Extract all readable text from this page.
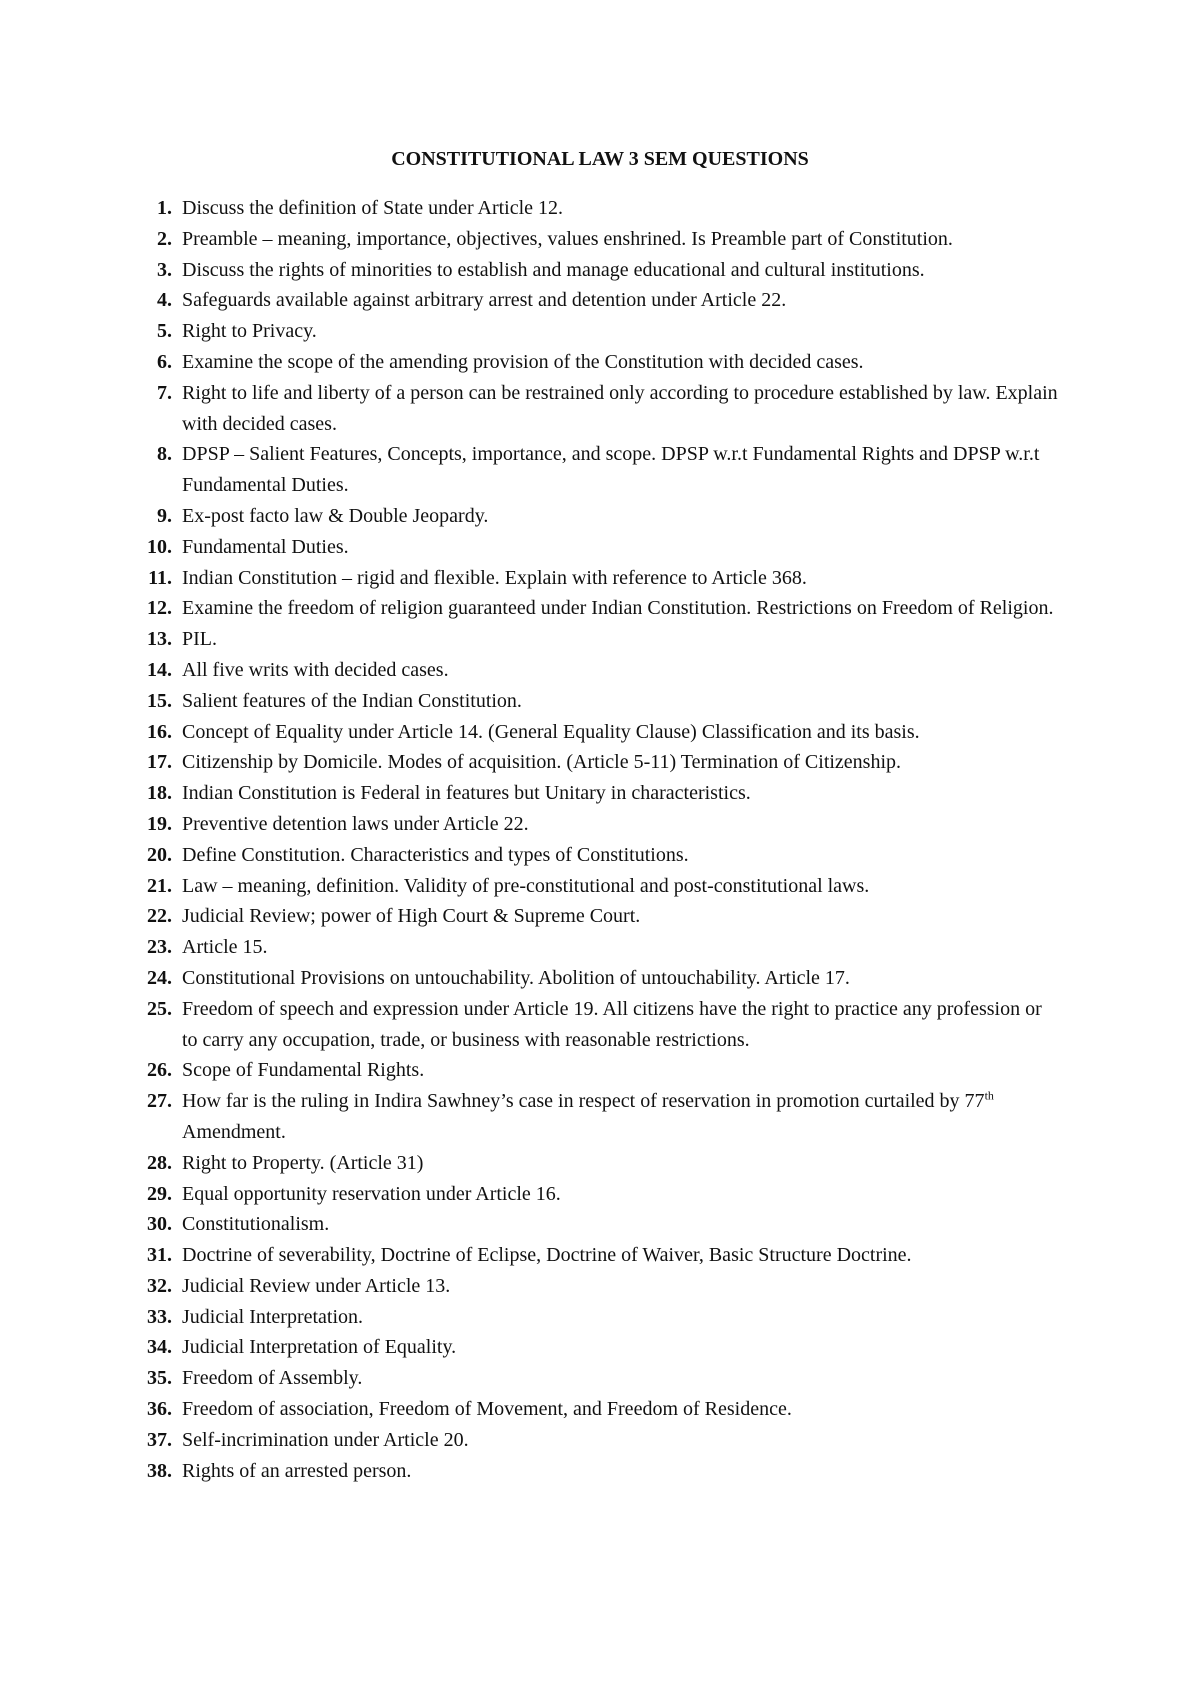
CONSTITUTIONAL LAW 3 SEM QUESTIONS
1. Discuss the definition of State under Article 12.
2. Preamble – meaning, importance, objectives, values enshrined. Is Preamble part of Constitution.
3. Discuss the rights of minorities to establish and manage educational and cultural institutions.
4. Safeguards available against arbitrary arrest and detention under Article 22.
5. Right to Privacy.
6. Examine the scope of the amending provision of the Constitution with decided cases.
7. Right to life and liberty of a person can be restrained only according to procedure established by law. Explain with decided cases.
8. DPSP – Salient Features, Concepts, importance, and scope. DPSP w.r.t Fundamental Rights and DPSP w.r.t Fundamental Duties.
9. Ex-post facto law & Double Jeopardy.
10. Fundamental Duties.
11. Indian Constitution – rigid and flexible. Explain with reference to Article 368.
12. Examine the freedom of religion guaranteed under Indian Constitution. Restrictions on Freedom of Religion.
13. PIL.
14. All five writs with decided cases.
15. Salient features of the Indian Constitution.
16. Concept of Equality under Article 14. (General Equality Clause) Classification and its basis.
17. Citizenship by Domicile. Modes of acquisition. (Article 5-11) Termination of Citizenship.
18. Indian Constitution is Federal in features but Unitary in characteristics.
19. Preventive detention laws under Article 22.
20. Define Constitution. Characteristics and types of Constitutions.
21. Law – meaning, definition. Validity of pre-constitutional and post-constitutional laws.
22. Judicial Review; power of High Court & Supreme Court.
23. Article 15.
24. Constitutional Provisions on untouchability. Abolition of untouchability. Article 17.
25. Freedom of speech and expression under Article 19. All citizens have the right to practice any profession or to carry any occupation, trade, or business with reasonable restrictions.
26. Scope of Fundamental Rights.
27. How far is the ruling in Indira Sawhney’s case in respect of reservation in promotion curtailed by 77th Amendment.
28. Right to Property. (Article 31)
29. Equal opportunity reservation under Article 16.
30. Constitutionalism.
31. Doctrine of severability, Doctrine of Eclipse, Doctrine of Waiver, Basic Structure Doctrine.
32. Judicial Review under Article 13.
33. Judicial Interpretation.
34. Judicial Interpretation of Equality.
35. Freedom of Assembly.
36. Freedom of association, Freedom of Movement, and Freedom of Residence.
37. Self-incrimination under Article 20.
38. Rights of an arrested person.
